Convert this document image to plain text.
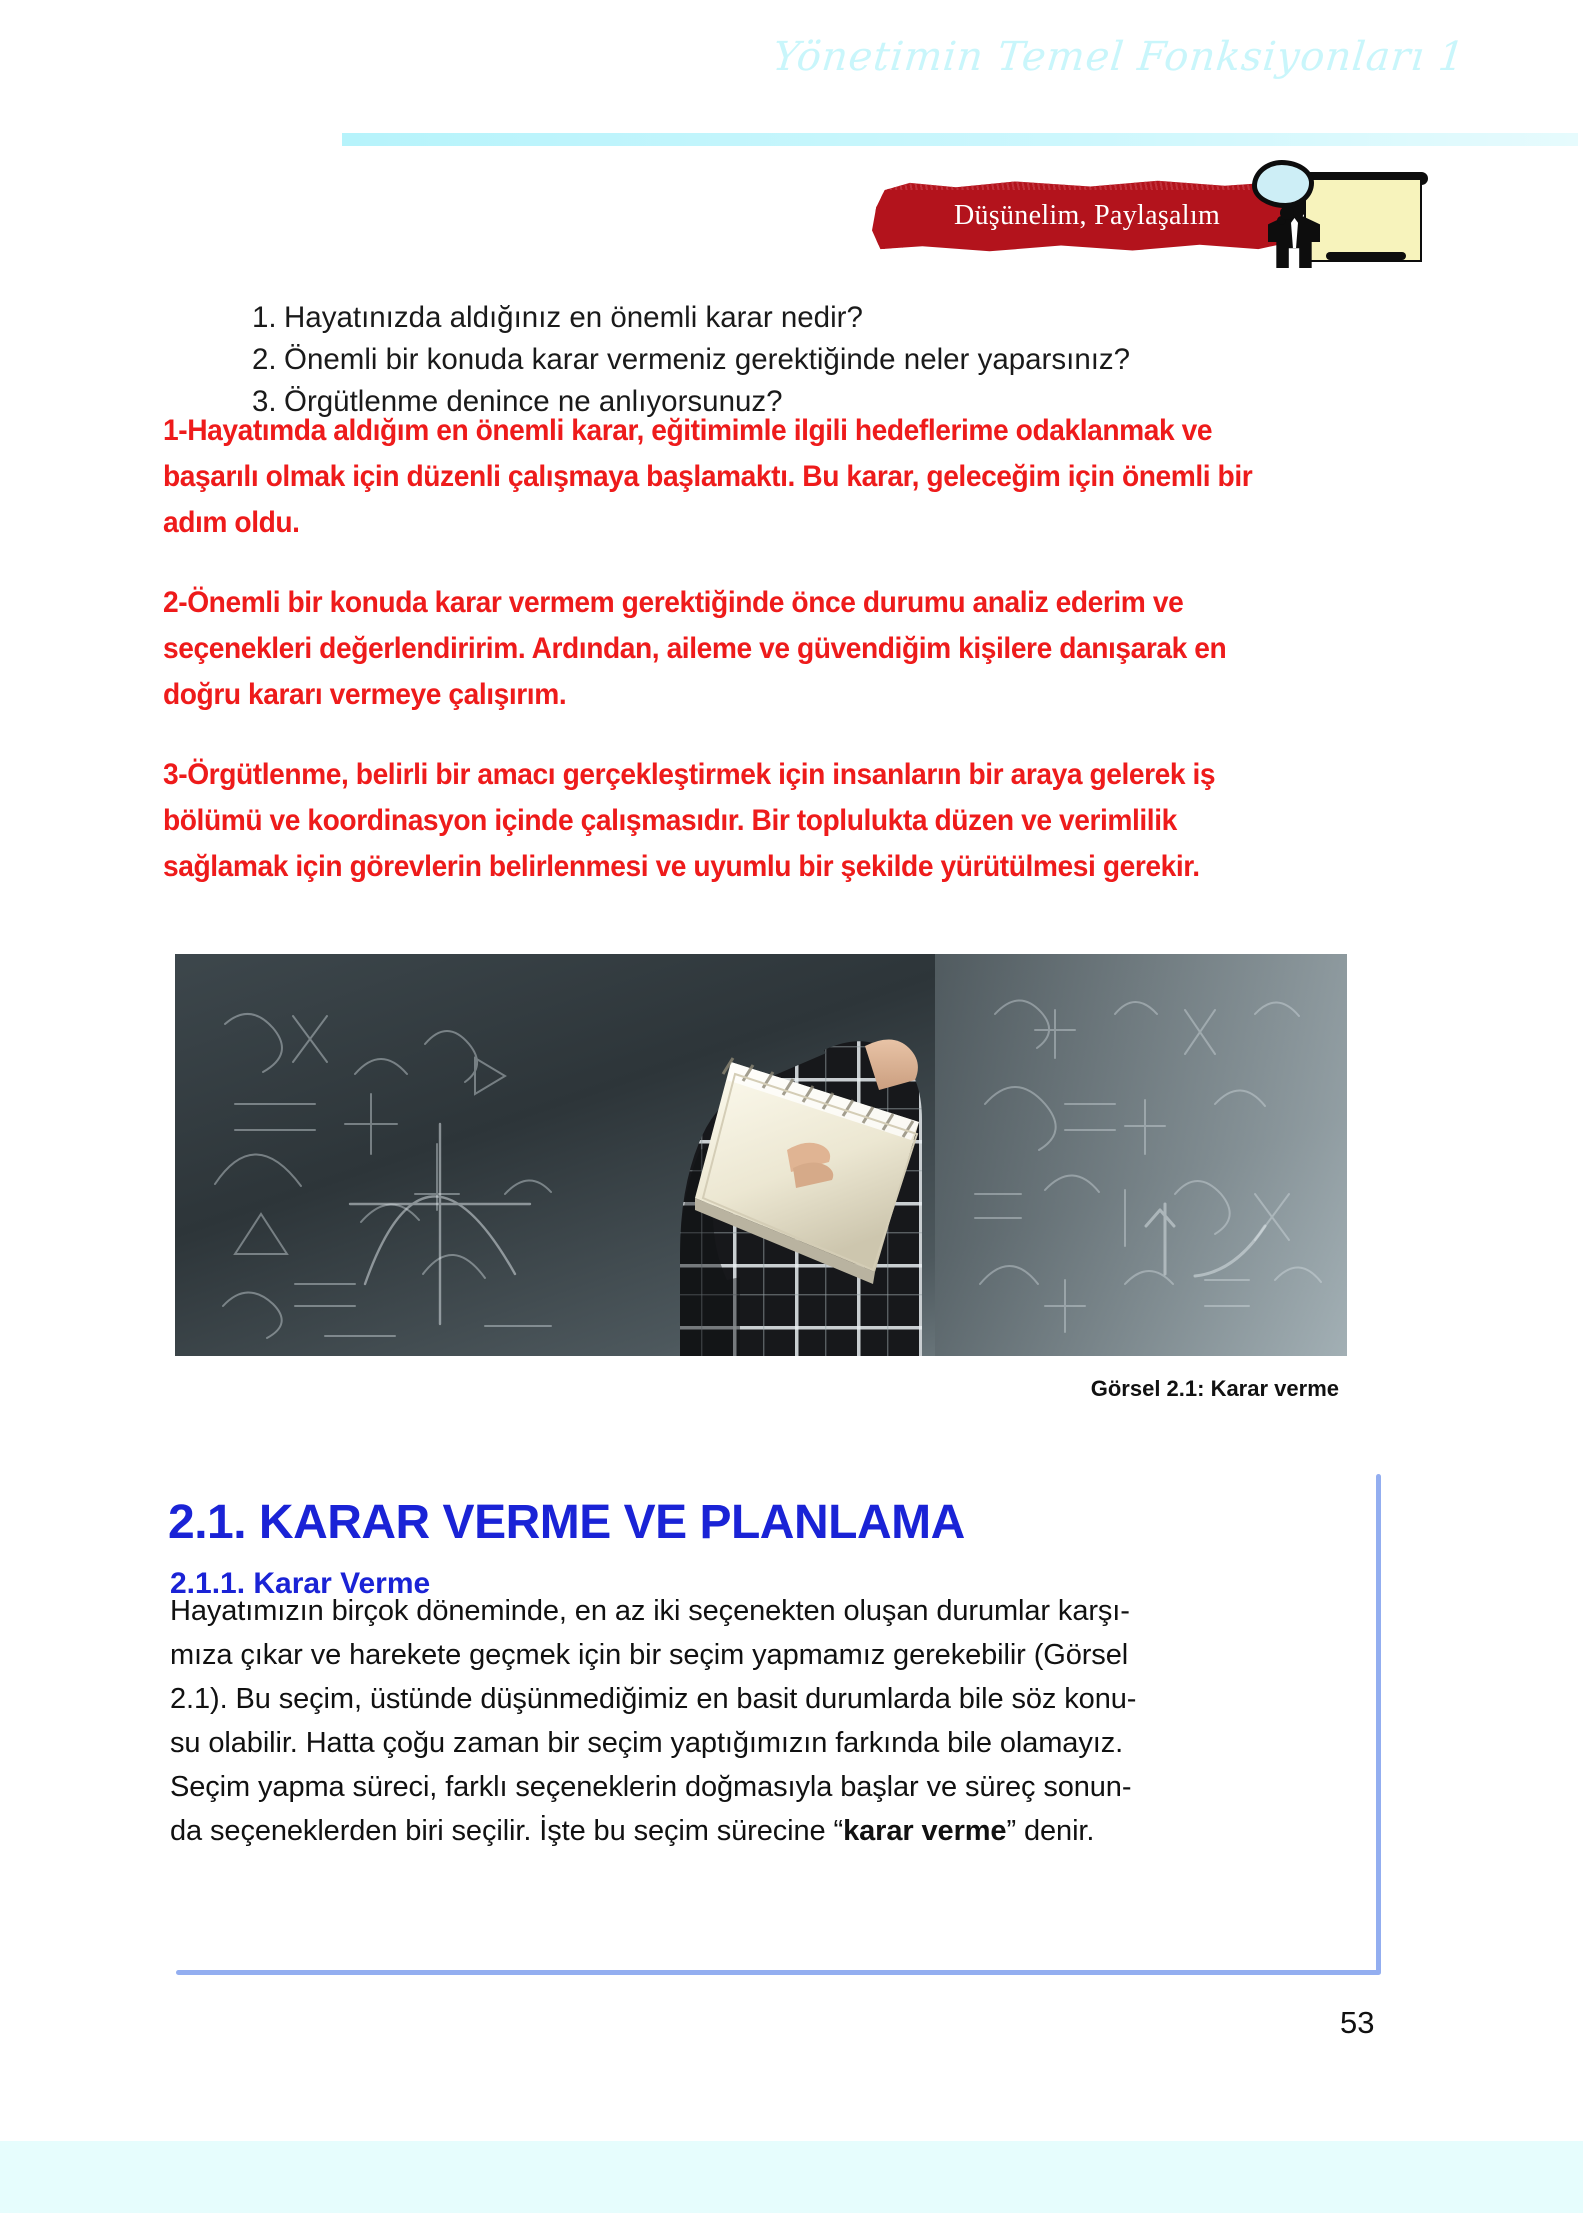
Yönetimin Temel Fonksiyonları 1
Düşünelim, Paylaşalım
1. Hayatınızda aldığınız en önemli karar nedir?
2. Önemli bir konuda karar vermeniz gerektiğinde neler yaparsınız?
3. Örgütlenme denince ne anlıyorsunuz?

1-Hayatımda aldığım en önemli karar, eğitimimle ilgili hedeflerime odaklanmak ve başarılı olmak için düzenli çalışmaya başlamaktı. Bu karar, geleceğim için önemli bir adım oldu.

2-Önemli bir konuda karar vermem gerektiğinde önce durumu analiz ederim ve seçenekleri değerlendiririm. Ardından, aileme ve güvendiğim kişilere danışarak en doğru kararı vermeye çalışırım.

3-Örgütlenme, belirli bir amacı gerçekleştirmek için insanların bir araya gelerek iş bölümü ve koordinasyon içinde çalışmasıdır. Bir toplulukta düzen ve verimlilik sağlamak için görevlerin belirlenmesi ve uyumlu bir şekilde yürütülmesi gerekir.

Görsel 2.1: Karar verme
2.1. KARAR VERME VE PLANLAMA
2.1.1. Karar Verme
Hayatımızın birçok döneminde, en az iki seçenekten oluşan durumlar karşı-
mıza çıkar ve harekete geçmek için bir seçim yapmamız gerekebilir (Görsel
2.1). Bu seçim, üstünde düşünmediğimiz en basit durumlarda bile söz konu-
su olabilir. Hatta çoğu zaman bir seçim yaptığımızın farkında bile olamayız.
Seçim yapma süreci, farklı seçeneklerin doğmasıyla başlar ve süreç sonun-
da seçeneklerden biri seçilir. İşte bu seçim sürecine “karar verme” denir.
53
